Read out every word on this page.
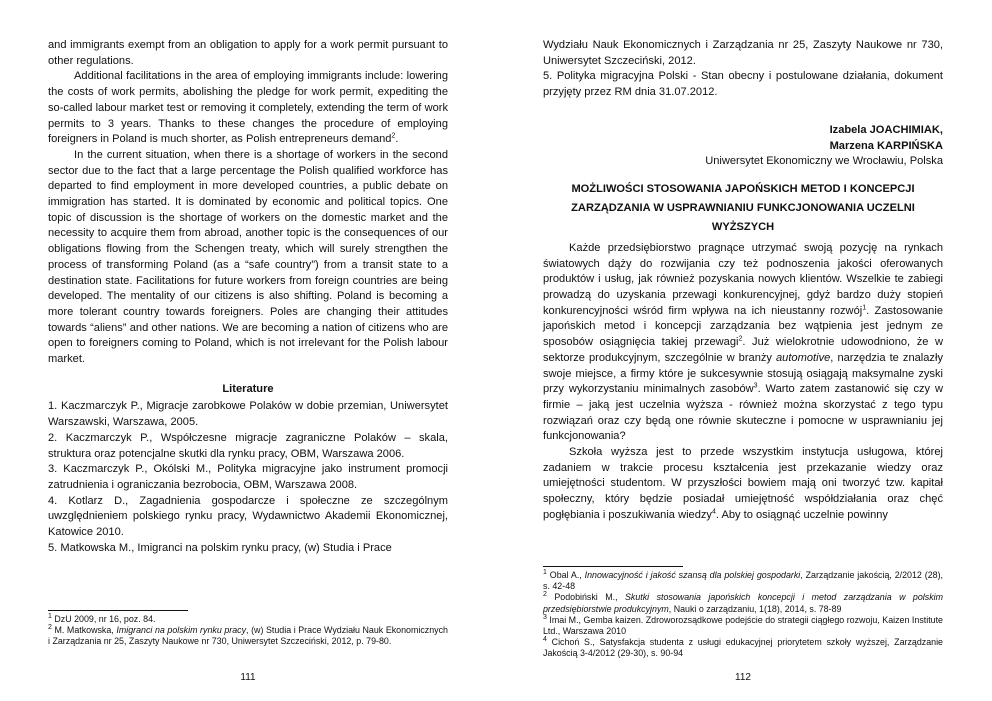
and immigrants exempt from an obligation to apply for a work permit pursuant to other regulations.

Additional facilitations in the area of employing immigrants include: lowering the costs of work permits, abolishing the pledge for work permit, expediting the so-called labour market test or removing it completely, extending the term of work permits to 3 years. Thanks to these changes the procedure of employing foreigners in Poland is much shorter, as Polish entrepreneurs demand$^2$.

In the current situation, when there is a shortage of workers in the second sector due to the fact that a large percentage the Polish qualified workforce has departed to find employment in more developed countries, a public debate on immigration has started. It is dominated by economic and political topics. One topic of discussion is the shortage of workers on the domestic market and the necessity to acquire them from abroad, another topic is the consequences of our obligations flowing from the Schengen treaty, which will surely strengthen the process of transforming Poland (as a “safe country”) from a transit state to a destination state. Facilitations for future workers from foreign countries are being developed. The mentality of our citizens is also shifting. Poland is becoming a more tolerant country towards foreigners. Poles are changing their attitudes towards “aliens” and other nations. We are becoming a nation of citizens who are open to foreigners coming to Poland, which is not irrelevant for the Polish labour market.

Literature

1. Kaczmarczyk P., Migracje zarobkowe Polaków w dobie przemian, Uniwersytet Warszawski, Warszawa, 2005.

2. Kaczmarczyk P., Współczesne migracje zagraniczne Polaków – skala, struktura oraz potencjalne skutki dla rynku pracy, OBM, Warszawa 2006.

3. Kaczmarczyk P., Okólski M., Polityka migracyjne jako instrument promocji zatrudnienia i ograniczania bezrobocia, OBM, Warszawa 2008.

4. Kotlarz D., Zagadnienia gospodarcze i społeczne ze szczególnym uwzględnieniem polskiego rynku pracy, Wydawnictwo Akademii Ekonomicznej, Katowice 2010.

5. Matkowska M., Imigranci na polskim rynku pracy, (w) Studia i Prace

$^1$ DzU 2009, nr 16, poz. 84.

$^2$ M. Matkowska, Imigranci na polskim rynku pracy, (w) Studia i Prace Wydziału Nauk Ekonomicznych i Zarządzania nr 25, Zaszyty Naukowe nr 730, Uniwersytet Szczeciński, 2012, p. 79-80.

111

Wydziału Nauk Ekonomicznych i Zarządzania nr 25, Zaszyty Naukowe nr 730, Uniwersytet Szczeciński, 2012.

5. Polityka migracyjna Polski - Stan obecny i postulowane działania, dokument przyjęty przez RM dnia 31.07.2012.

Izabela JOACHIMIAK,
Marzena KARPIŃSKA
Uniwersytet Ekonomiczny we Wrocławiu, Polska
MOŻLIWOŚCI STOSOWANIA JAPOŃSKICH METOD I KONCEPCJI ZARZĄDZANIA W USPRAWNIANIU FUNKCJONOWANIA UCZELNI WYŻSZYCH

Każde przedsiębiorstwo pragnące utrzymać swoją pozycję na rynkach światowych dąży do rozwijania czy też podnoszenia jakości oferowanych produktów i usług, jak również pozyskania nowych klientów. Wszelkie te zabiegi prowadzą do uzyskania przewagi konkurencyjnej, gdyż bardzo duży stopień konkurencyjności wśród firm wpływa na ich nieustanny rozwój$^1$. Zastosowanie japońskich metod i koncepcji zarządzania bez wątpienia jest jednym ze sposobów osiągnięcia takiej przewagi$^2$. Już wielokrotnie udowodniono, że w sektorze produkcyjnym, szczególnie w branży automotive, narzędzia te znalazły swoje miejsce, a firmy które je sukcesywnie stosują osiągają maksymalne zyski przy wykorzystaniu minimalnych zasobów$^3$. Warto zatem zastanowić się czy w firmie – jaką jest uczelnia wyższa - również można skorzystać z tego typu rozwiązań oraz czy będą one równie skuteczne i pomocne w usprawnianiu jej funkcjonowania?

Szkoła wyższa jest to przede wszystkim instytucja usługowa, której zadaniem w trakcie procesu kształcenia jest przekazanie wiedzy oraz umiejętności studentom. W przyszłości bowiem mają oni tworzyć tzw. kapitał społeczny, który będzie posiadał umiejętność współdziałania oraz chęć pogłębiania i poszukiwania wiedzy$^4$. Aby to osiągnąć uczelnie powinny

$^1$ Obal A., Innowacyjność i jakość szansą dla polskiej gospodarki, Zarządzanie jakością, 2/2012 (28), s. 42-48

$^2$ Podobiński M., Skutki stosowania japońskich koncepcji i metod zarządzania w polskim przedsiębiorstwie produkcyjnym, Nauki o zarządzaniu, 1(18), 2014, s. 78-89

$^3$ Imai M., Gemba kaizen. Zdroworozsądkowe podejście do strategii ciągłego rozwoju, Kaizen Institute Ltd., Warszawa 2010

$^4$ Cichoń S., Satysfakcja studenta z usługi edukacyjnej priorytetem szkoły wyższej, Zarządzanie Jakością 3-4/2012 (29-30), s. 90-94

112
